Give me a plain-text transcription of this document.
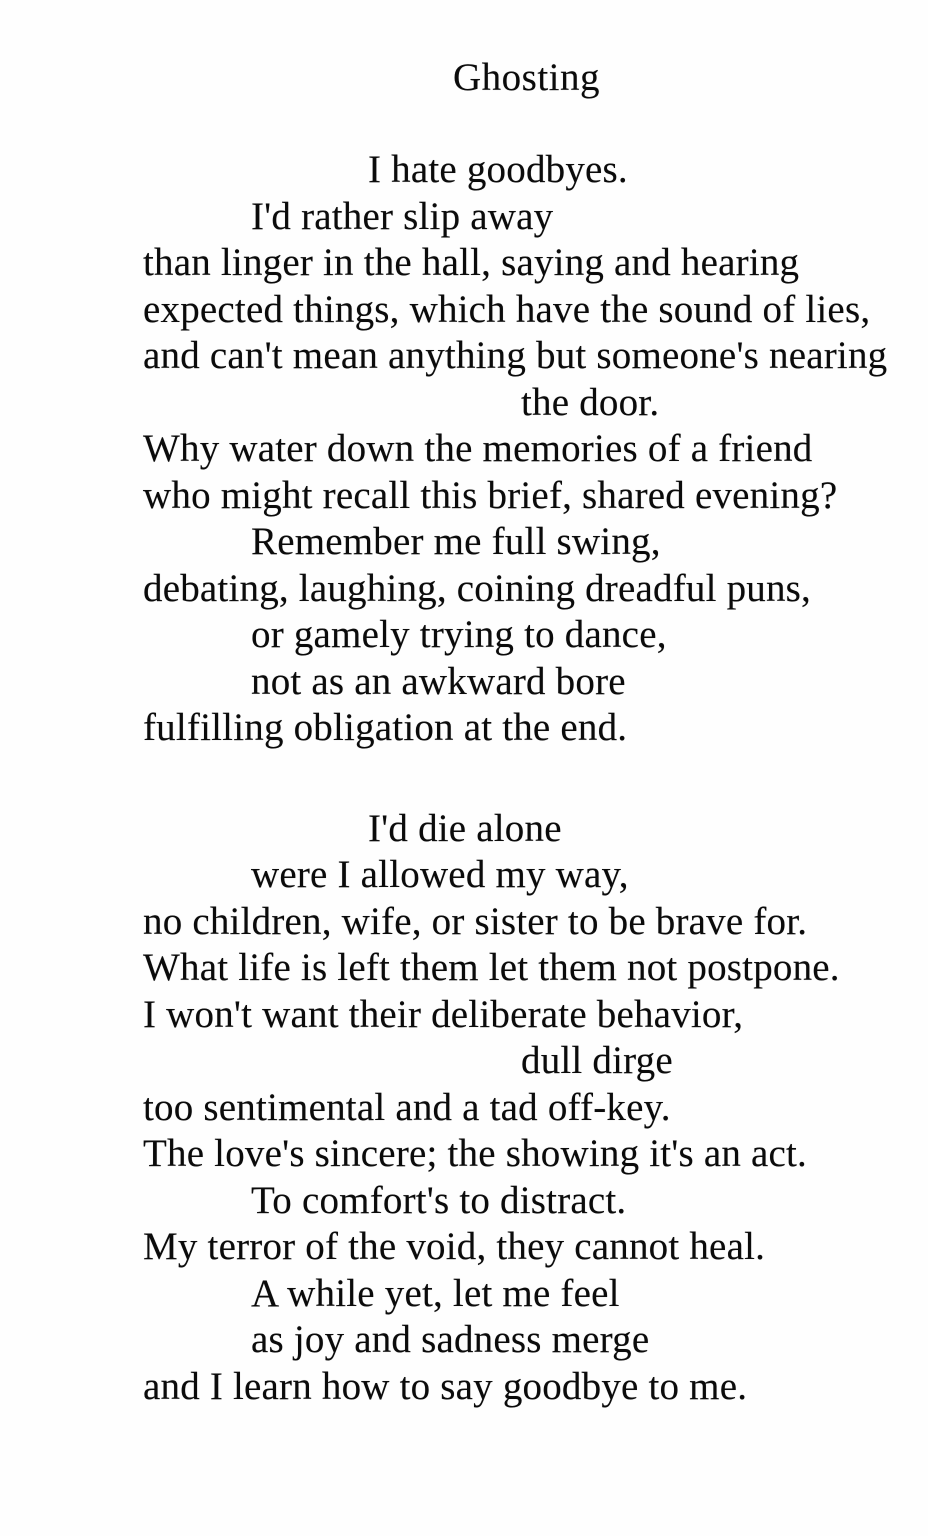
Ghosting
I hate goodbyes.
I'd rather slip away
than linger in the hall, saying and hearing
expected things, which have the sound of lies,
and can't mean anything but someone's nearing
the door.
Why water down the memories of a friend
who might recall this brief, shared evening?
Remember me full swing,
debating, laughing, coining dreadful puns,
or gamely trying to dance,
not as an awkward bore
fulfilling obligation at the end.
I'd die alone
were I allowed my way,
no children, wife, or sister to be brave for.
What life is left them let them not postpone.
I won't want their deliberate behavior,
dull dirge
too sentimental and a tad off-key.
The love's sincere; the showing it's an act.
To comfort's to distract.
My terror of the void, they cannot heal.
A while yet, let me feel
as joy and sadness merge
and I learn how to say goodbye to me.
